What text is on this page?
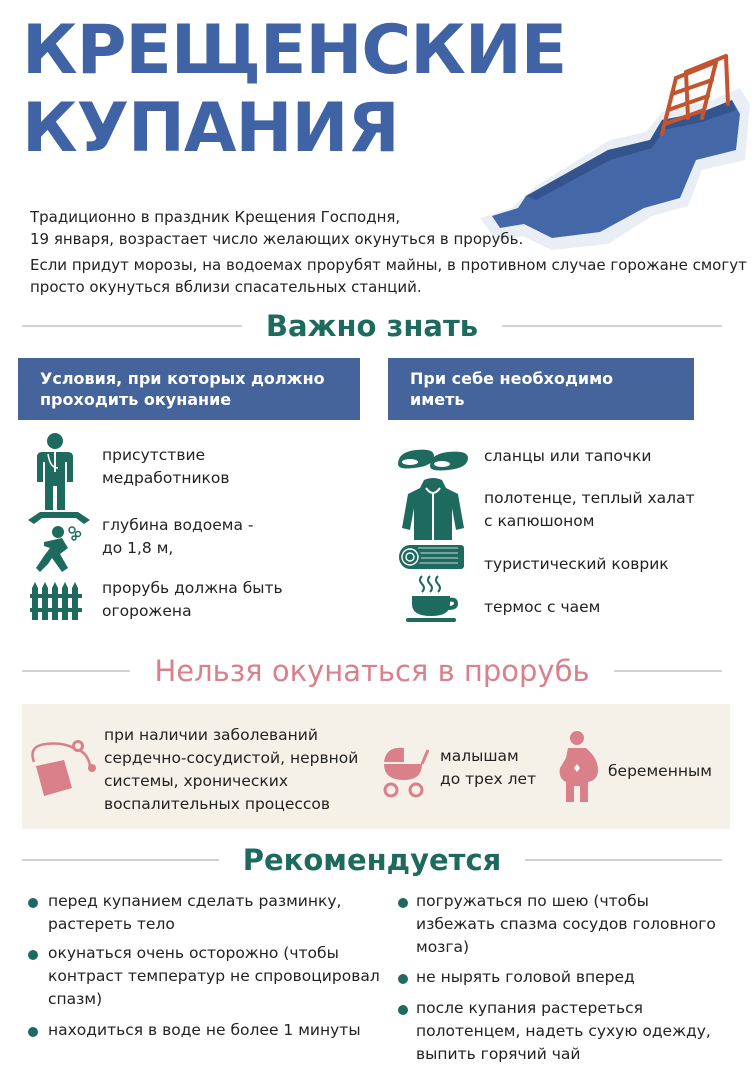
КРЕЩЕНСКИЕ
КУПАНИЯ
Традиционно в праздник Крещения Господня,
19 января, возрастает число желающих окунуться в прорубь.
Если придут морозы, на водоемах прорубят майны, в противном случае горожане смогут
просто окунуться вблизи спасательных станций.
Важно знать
Условия, при которых должно
проходить окунание
При себе необходимо иметь
присутствие
медработников
глубина водоема -
до 1,8 м,
прорубь должна быть
огорожена
сланцы или тапочки
полотенце, теплый халат
с капюшоном
туристический коврик
термос с чаем
Нельзя окунаться в прорубь
при наличии заболеваний
сердечно-сосудистой, нервной
системы, хронических
воспалительных процессов
малышам
до трех лет	беременным
Рекомендуется
перед купанием сделать разминку,
растереть тело
окунаться очень осторожно (чтобы
контраст температур не спровоцировал
спазм)
находиться в воде не более 1 минуты
погружаться по шею (чтобы
избежать спазма сосудов головного
мозга)
не нырять головой вперед
после купания растереться
полотенцем, надеть сухую одежду,
выпить горячий чай
